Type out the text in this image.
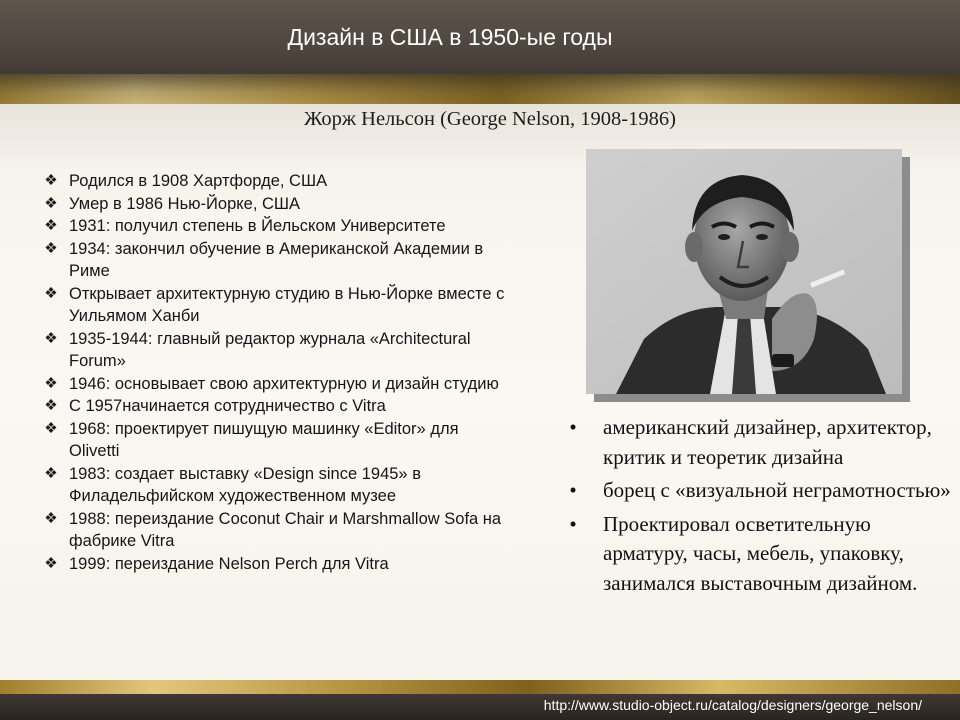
Дизайн в США в 1950-ые годы
Жорж Нельсон (George Nelson, 1908-1986)
❖ Родился в 1908 Хартфорде, США
❖ Умер в 1986 Нью-Йорке, США
❖ 1931: получил степень в Йельском Университете
❖ 1934: закончил обучение в Американской Академии в Риме
❖ Открывает архитектурную студию в Нью-Йорке вместе с Уильямом Ханби
❖ 1935-1944: главный редактор журнала «Architectural Forum»
❖ 1946: основывает свою архитектурную и дизайн студию
❖ С 1957начинается сотрудничество с Vitra
❖ 1968: проектирует пишущую машинку «Editor» для Olivetti
❖ 1983: создает выставку «Design since 1945» в Филадельфийском художественном музее
❖ 1988: переиздание Coconut Chair и Marshmallow Sofa на фабрике Vitra
❖ 1999: переиздание Nelson Perch для Vitra
• американский дизайнер, архитектор, критик и теоретик дизайна
• борец с «визуальной неграмотностью»
• Проектировал осветительную арматуру, часы, мебель, упаковку, занимался выставочным дизайном.
http://www.studio-object.ru/catalog/designers/george_nelson/
